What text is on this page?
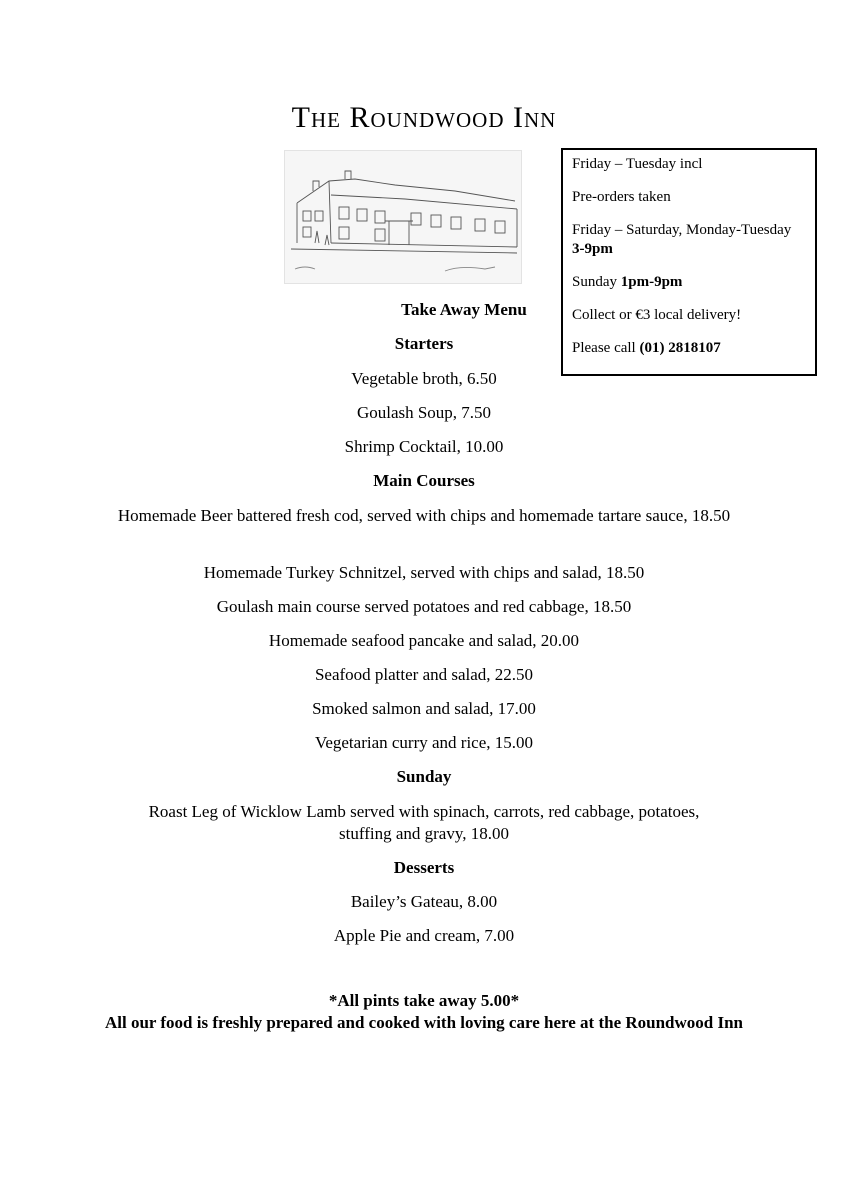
The Roundwood Inn

Friday – Tuesday incl

Pre-orders taken

Friday – Saturday, Monday-Tuesday 3-9pm

Sunday 1pm-9pm

Collect or €3 local delivery!

Please call (01) 2818107

Take Away Menu
Starters
Vegetable broth, 6.50
Goulash Soup, 7.50
Shrimp Cocktail, 10.00
Main Courses
Homemade Beer battered fresh cod, served with chips and homemade tartare sauce, 18.50
Homemade Turkey Schnitzel, served with chips and salad, 18.50
Goulash main course served potatoes and red cabbage, 18.50
Homemade seafood pancake and salad, 20.00
Seafood platter and salad, 22.50
Smoked salmon and salad, 17.00
Vegetarian curry and rice, 15.00
Sunday
Roast Leg of Wicklow Lamb served with spinach, carrots, red cabbage, potatoes, stuffing and gravy, 18.00
Desserts
Bailey’s Gateau, 8.00
Apple Pie and cream, 7.00
*All pints take away 5.00*
All our food is freshly prepared and cooked with loving care here at the Roundwood Inn
